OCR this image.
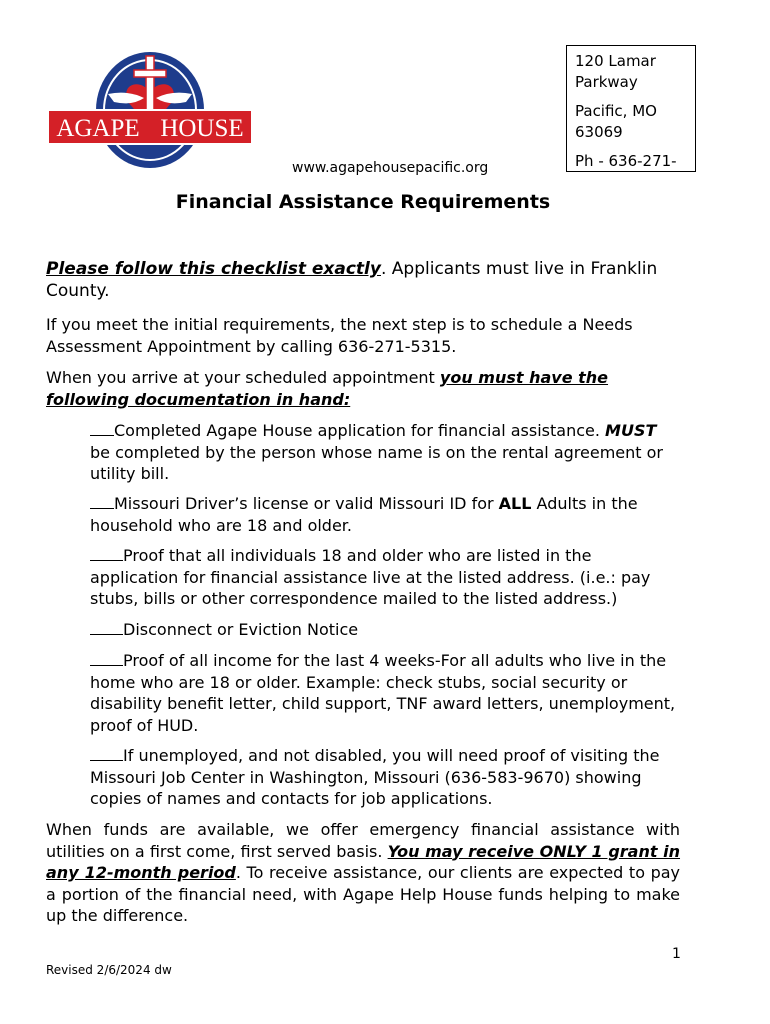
AGAPE HOUSE

120 Lamar Parkway

Pacific, MO 63069

Ph - 636-271-

www.agapehousepacific.org
Financial Assistance Requirements

Please follow this checklist exactly. Applicants must live in Franklin County.

If you meet the initial requirements, the next step is to schedule a Needs Assessment Appointment by calling 636-271-5315.

When you arrive at your scheduled appointment you must have the following documentation in hand:

Completed Agape House application for financial assistance. MUST be completed by the person whose name is on the rental agreement or utility bill.

Missouri Driver’s license or valid Missouri ID for ALL Adults in the household who are 18 and older.

Proof that all individuals 18 and older who are listed in the application for financial assistance live at the listed address. (i.e.: pay stubs, bills or other correspondence mailed to the listed address.)

Disconnect or Eviction Notice

Proof of all income for the last 4 weeks-For all adults who live in the home who are 18 or older. Example: check stubs, social security or disability benefit letter, child support, TNF award letters, unemployment, proof of HUD.

If unemployed, and not disabled, you will need proof of visiting the Missouri Job Center in Washington, Missouri (636-583-9670) showing copies of names and contacts for job applications.

When funds are available, we offer emergency financial assistance with utilities on a first come, first served basis. You may receive ONLY 1 grant in any 12-month period. To receive assistance, our clients are expected to pay a portion of the financial need, with Agape Help House funds helping to make up the difference.

1
Revised 2/6/2024 dw
